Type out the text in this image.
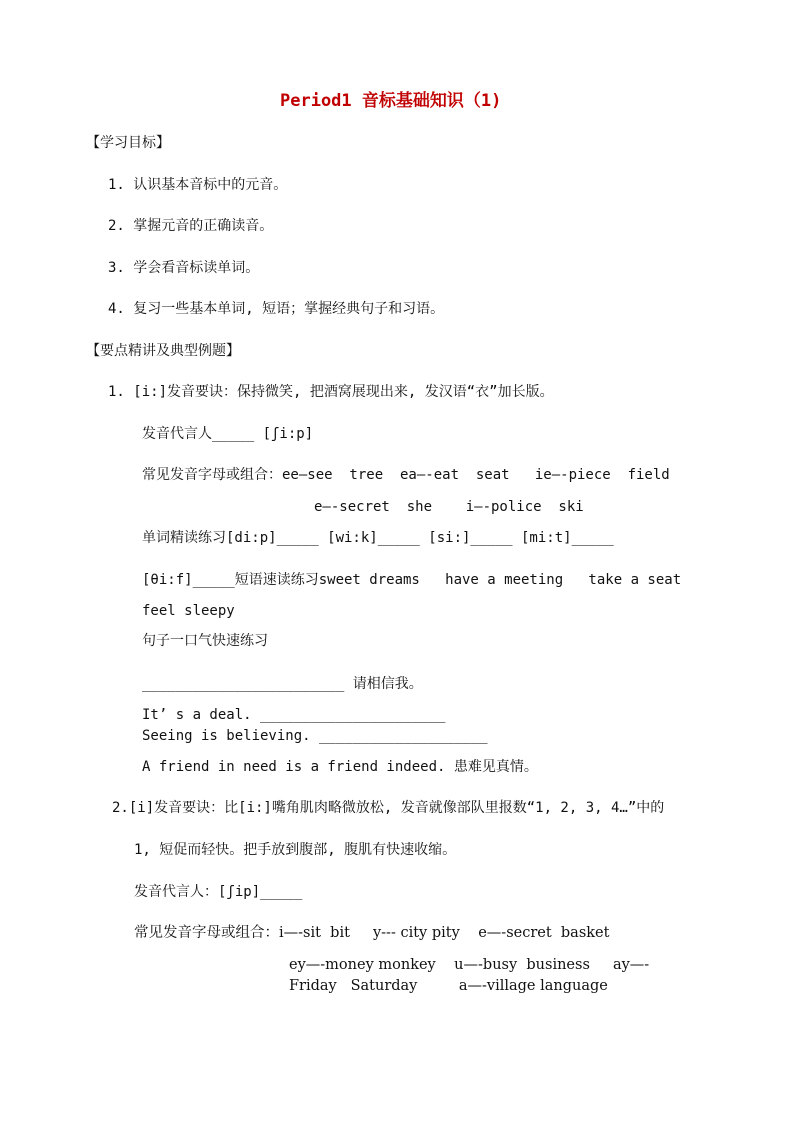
Period1 音标基础知识（1)
【学习目标】
1. 认识基本音标中的元音。
2. 掌握元音的正确读音。
3. 学会看音标读单词。
4. 复习一些基本单词, 短语；掌握经典句子和习语。
【要点精讲及典型例题】
1. [i:]发音要诀：保持微笑, 把酒窝展现出来, 发汉语“衣”加长版。
发音代言人_____ [ʃi:p]
常见发音字母或组合：ee—see  tree  ea—-eat  seat   ie—-piece  field
e—-secret  she    i—-police  ski
单词精读练习[di:p]_____ [wi:k]_____ [si:]_____ [mi:t]_____
[θi:f]_____短语速读练习sweet dreams   have a meeting   take a seat
feel sleepy
句子一口气快速练习
________________________ 请相信我。
It’ s a deal. ______________________
Seeing is believing. ____________________
A friend in need is a friend indeed. 患难见真情。
2.[i]发音要诀：比[i:]嘴角肌肉略微放松, 发音就像部队里报数“1, 2, 3, 4…”中的
1, 短促而轻快。把手放到腹部, 腹肌有快速收缩。
发音代言人：[ʃip]_____
常见发音字母或组合：i—-sit  bit     y--- city pity    e—-secret  basket
ey—-money monkey    u—-busy  business     ay—-
Friday   Saturday         a—-village language
